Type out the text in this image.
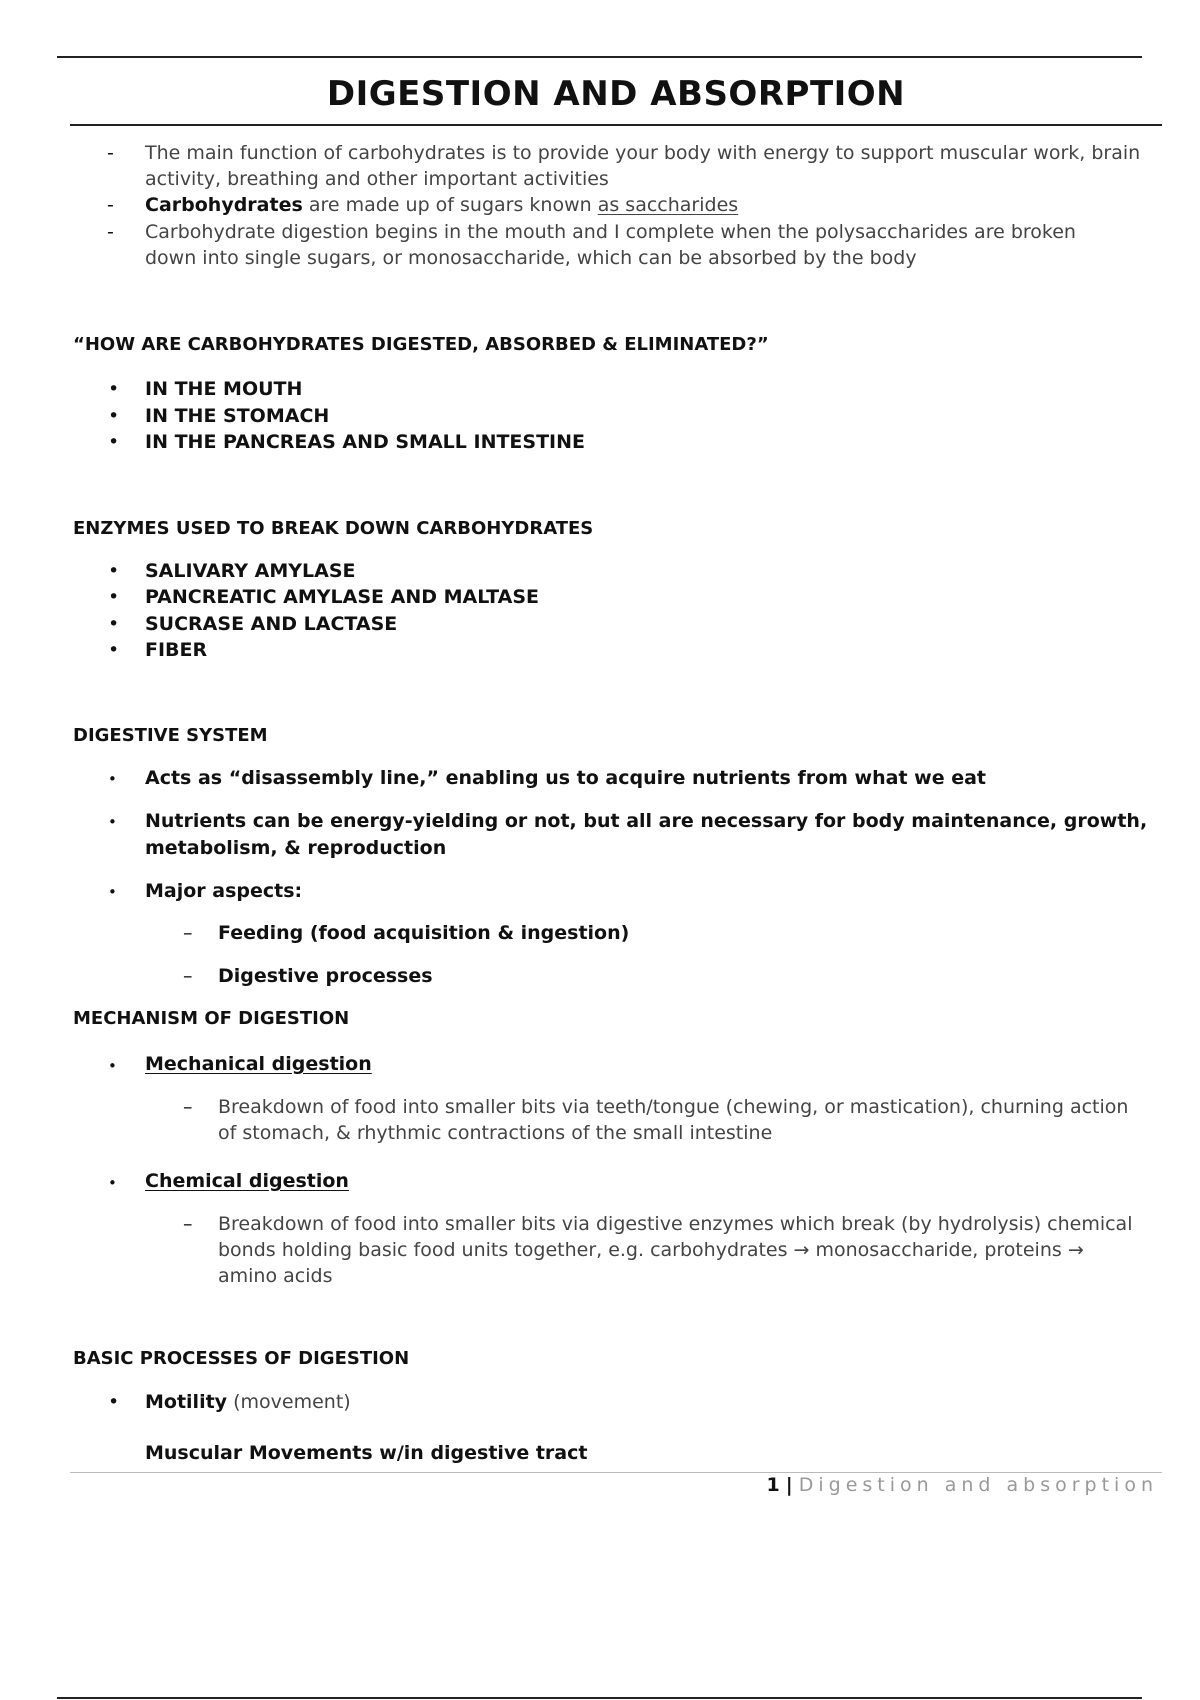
DIGESTION AND ABSORPTION
- The main function of carbohydrates is to provide your body with energy to support muscular work, brain
activity, breathing and other important activities
- Carbohydrates are made up of sugars known as saccharides
- Carbohydrate digestion begins in the mouth and I complete when the polysaccharides are broken
down into single sugars, or monosaccharide, which can be absorbed by the body
“HOW ARE CARBOHYDRATES DIGESTED, ABSORBED & ELIMINATED?”
• IN THE MOUTH
• IN THE STOMACH
• IN THE PANCREAS AND SMALL INTESTINE
ENZYMES USED TO BREAK DOWN CARBOHYDRATES
• SALIVARY AMYLASE
• PANCREATIC AMYLASE AND MALTASE
• SUCRASE AND LACTASE
• FIBER
DIGESTIVE SYSTEM
• Acts as “disassembly line,” enabling us to acquire nutrients from what we eat
• Nutrients can be energy-yielding or not, but all are necessary for body maintenance, growth,
metabolism, & reproduction
• Major aspects:
– Feeding (food acquisition & ingestion)
– Digestive processes
MECHANISM OF DIGESTION
• Mechanical digestion
– Breakdown of food into smaller bits via teeth/tongue (chewing, or mastication), churning action
of stomach, & rhythmic contractions of the small intestine
• Chemical digestion
– Breakdown of food into smaller bits via digestive enzymes which break (by hydrolysis) chemical
bonds holding basic food units together, e.g. carbohydrates → monosaccharide, proteins →
amino acids
BASIC PROCESSES OF DIGESTION
• Motility (movement)
Muscular Movements w/in digestive tract
1 | Digestion and absorption
